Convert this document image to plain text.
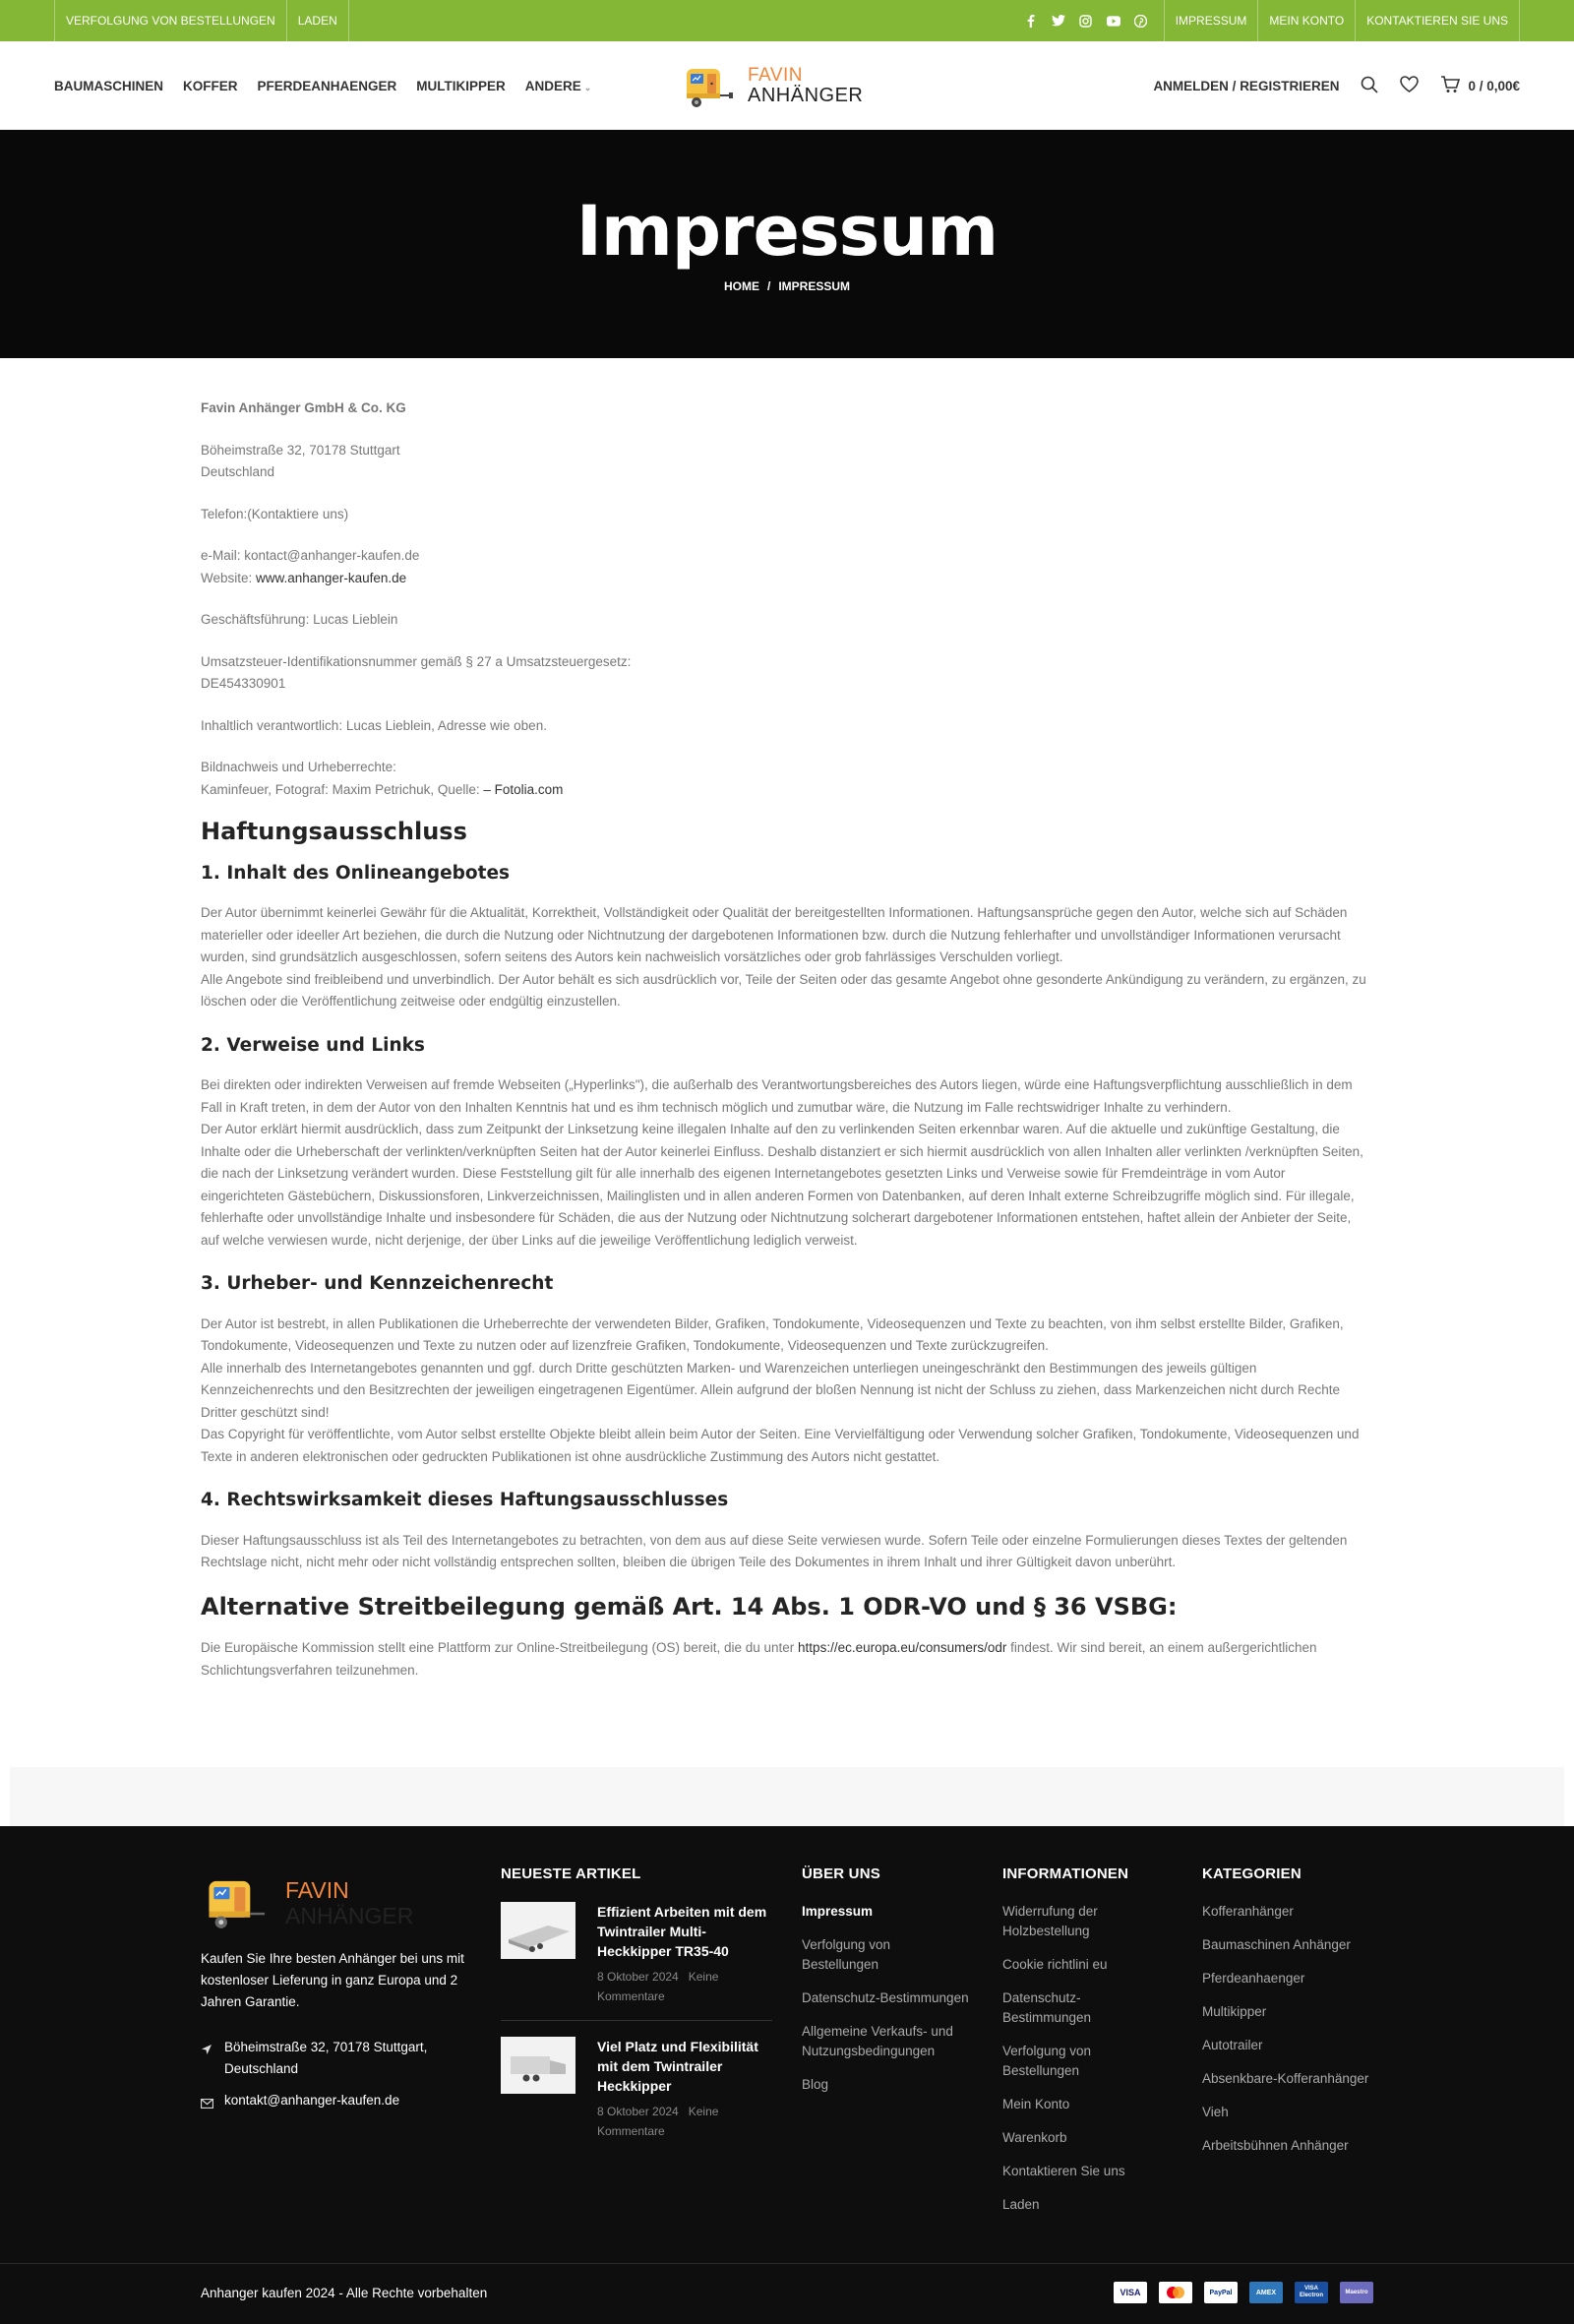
VERFOLGUNG VON BESTELLUNGEN	LADEN	IMPRESSUM	MEIN KONTO	KONTAKTIEREN SIE UNS
BAUMASCHINEN KOFFER PFERDEANHAENGER MULTIKIPPER ANDERE ⌄
FAVIN
ANHÄNGER	ANMELDEN / REGISTRIEREN	0 / 0,00€
Impressum
HOME / IMPRESSUM

Favin Anhänger GmbH & Co. KG

Böheimstraße 32, 70178 Stuttgart
Deutschland

Telefon:(Kontaktiere uns)

e-Mail: kontact@anhanger-kaufen.de
Website: www.anhanger-kaufen.de

Geschäftsführung: Lucas Lieblein

Umsatzsteuer-Identifikationsnummer gemäß § 27 a Umsatzsteuergesetz:
DE454330901

Inhaltlich verantwortlich: Lucas Lieblein, Adresse wie oben.

Bildnachweis und Urheberrechte:
Kaminfeuer, Fotograf: Maxim Petrichuk, Quelle: – Fotolia.com

Haftungsausschluss
1. Inhalt des Onlineangebotes
Der Autor übernimmt keinerlei Gewähr für die Aktualität, Korrektheit, Vollständigkeit oder Qualität der bereitgestellten Informationen. Haftungsansprüche gegen den Autor, welche sich auf Schäden materieller oder ideeller Art beziehen, die durch die Nutzung oder Nichtnutzung der dargebotenen Informationen bzw. durch die Nutzung fehlerhafter und unvollständiger Informationen verursacht wurden, sind grundsätzlich ausgeschlossen, sofern seitens des Autors kein nachweislich vorsätzliches oder grob fahrlässiges Verschulden vorliegt.
Alle Angebote sind freibleibend und unverbindlich. Der Autor behält es sich ausdrücklich vor, Teile der Seiten oder das gesamte Angebot ohne gesonderte Ankündigung zu verändern, zu ergänzen, zu löschen oder die Veröffentlichung zeitweise oder endgültig einzustellen.
2. Verweise und Links
Bei direkten oder indirekten Verweisen auf fremde Webseiten („Hyperlinks"), die außerhalb des Verantwortungsbereiches des Autors liegen, würde eine Haftungsverpflichtung ausschließlich in dem Fall in Kraft treten, in dem der Autor von den Inhalten Kenntnis hat und es ihm technisch möglich und zumutbar wäre, die Nutzung im Falle rechtswidriger Inhalte zu verhindern.
Der Autor erklärt hiermit ausdrücklich, dass zum Zeitpunkt der Linksetzung keine illegalen Inhalte auf den zu verlinkenden Seiten erkennbar waren. Auf die aktuelle und zukünftige Gestaltung, die Inhalte oder die Urheberschaft der verlinkten/verknüpften Seiten hat der Autor keinerlei Einfluss. Deshalb distanziert er sich hiermit ausdrücklich von allen Inhalten aller verlinkten /verknüpften Seiten, die nach der Linksetzung verändert wurden. Diese Feststellung gilt für alle innerhalb des eigenen Internetangebotes gesetzten Links und Verweise sowie für Fremdeinträge in vom Autor eingerichteten Gästebüchern, Diskussionsforen, Linkverzeichnissen, Mailinglisten und in allen anderen Formen von Datenbanken, auf deren Inhalt externe Schreibzugriffe möglich sind. Für illegale, fehlerhafte oder unvollständige Inhalte und insbesondere für Schäden, die aus der Nutzung oder Nichtnutzung solcherart dargebotener Informationen entstehen, haftet allein der Anbieter der Seite, auf welche verwiesen wurde, nicht derjenige, der über Links auf die jeweilige Veröffentlichung lediglich verweist.
3. Urheber- und Kennzeichenrecht
Der Autor ist bestrebt, in allen Publikationen die Urheberrechte der verwendeten Bilder, Grafiken, Tondokumente, Videosequenzen und Texte zu beachten, von ihm selbst erstellte Bilder, Grafiken, Tondokumente, Videosequenzen und Texte zu nutzen oder auf lizenzfreie Grafiken, Tondokumente, Videosequenzen und Texte zurückzugreifen.
Alle innerhalb des Internetangebotes genannten und ggf. durch Dritte geschützten Marken- und Warenzeichen unterliegen uneingeschränkt den Bestimmungen des jeweils gültigen Kennzeichenrechts und den Besitzrechten der jeweiligen eingetragenen Eigentümer. Allein aufgrund der bloßen Nennung ist nicht der Schluss zu ziehen, dass Markenzeichen nicht durch Rechte Dritter geschützt sind!
Das Copyright für veröffentlichte, vom Autor selbst erstellte Objekte bleibt allein beim Autor der Seiten. Eine Vervielfältigung oder Verwendung solcher Grafiken, Tondokumente, Videosequenzen und Texte in anderen elektronischen oder gedruckten Publikationen ist ohne ausdrückliche Zustimmung des Autors nicht gestattet.
4. Rechtswirksamkeit dieses Haftungsausschlusses
Dieser Haftungsausschluss ist als Teil des Internetangebotes zu betrachten, von dem aus auf diese Seite verwiesen wurde. Sofern Teile oder einzelne Formulierungen dieses Textes der geltenden Rechtslage nicht, nicht mehr oder nicht vollständig entsprechen sollten, bleiben die übrigen Teile des Dokumentes in ihrem Inhalt und ihrer Gültigkeit davon unberührt.
Alternative Streitbeilegung gemäß Art. 14 Abs. 1 ODR-VO und § 36 VSBG:
Die Europäische Kommission stellt eine Plattform zur Online-Streitbeilegung (OS) bereit, die du unter https://ec.europa.eu/consumers/odr findest. Wir sind bereit, an einem außergerichtlichen Schlichtungsverfahren teilzunehmen.
FAVIN
ANHÄNGER
Kaufen Sie Ihre besten Anhänger bei uns mit kostenloser Lieferung in ganz Europa und 2 Jahren Garantie.
Böheimstraße 32, 70178 Stuttgart, Deutschland
kontakt@anhanger-kaufen.de
NEUESTE ARTIKEL
Effizient Arbeiten mit dem Twintrailer Multi-Heckkipper TR35-40
8 Oktober 2024 Keine Kommentare
Viel Platz und Flexibilität mit dem Twintrailer Heckkipper
8 Oktober 2024 Keine Kommentare
ÜBER UNS
Impressum
Verfolgung von Bestellungen
Datenschutz-Bestimmungen
Allgemeine Verkaufs- und Nutzungsbedingungen
Blog
INFORMATIONEN
Widerrufung der Holzbestellung
Cookie richtlini eu
Datenschutz-Bestimmungen
Verfolgung von Bestellungen
Mein Konto
Warenkorb
Kontaktieren Sie uns
Laden
KATEGORIEN
Kofferanhänger
Baumaschinen Anhänger
Pferdeanhaenger
Multikipper
Autotrailer
Absenkbare-Kofferanhänger
Vieh
Arbeitsbühnen Anhänger
Anhanger kaufen 2024 - Alle Rechte vorbehalten	VISA	PayPal	AMEX
VISA Electron	Maestro
